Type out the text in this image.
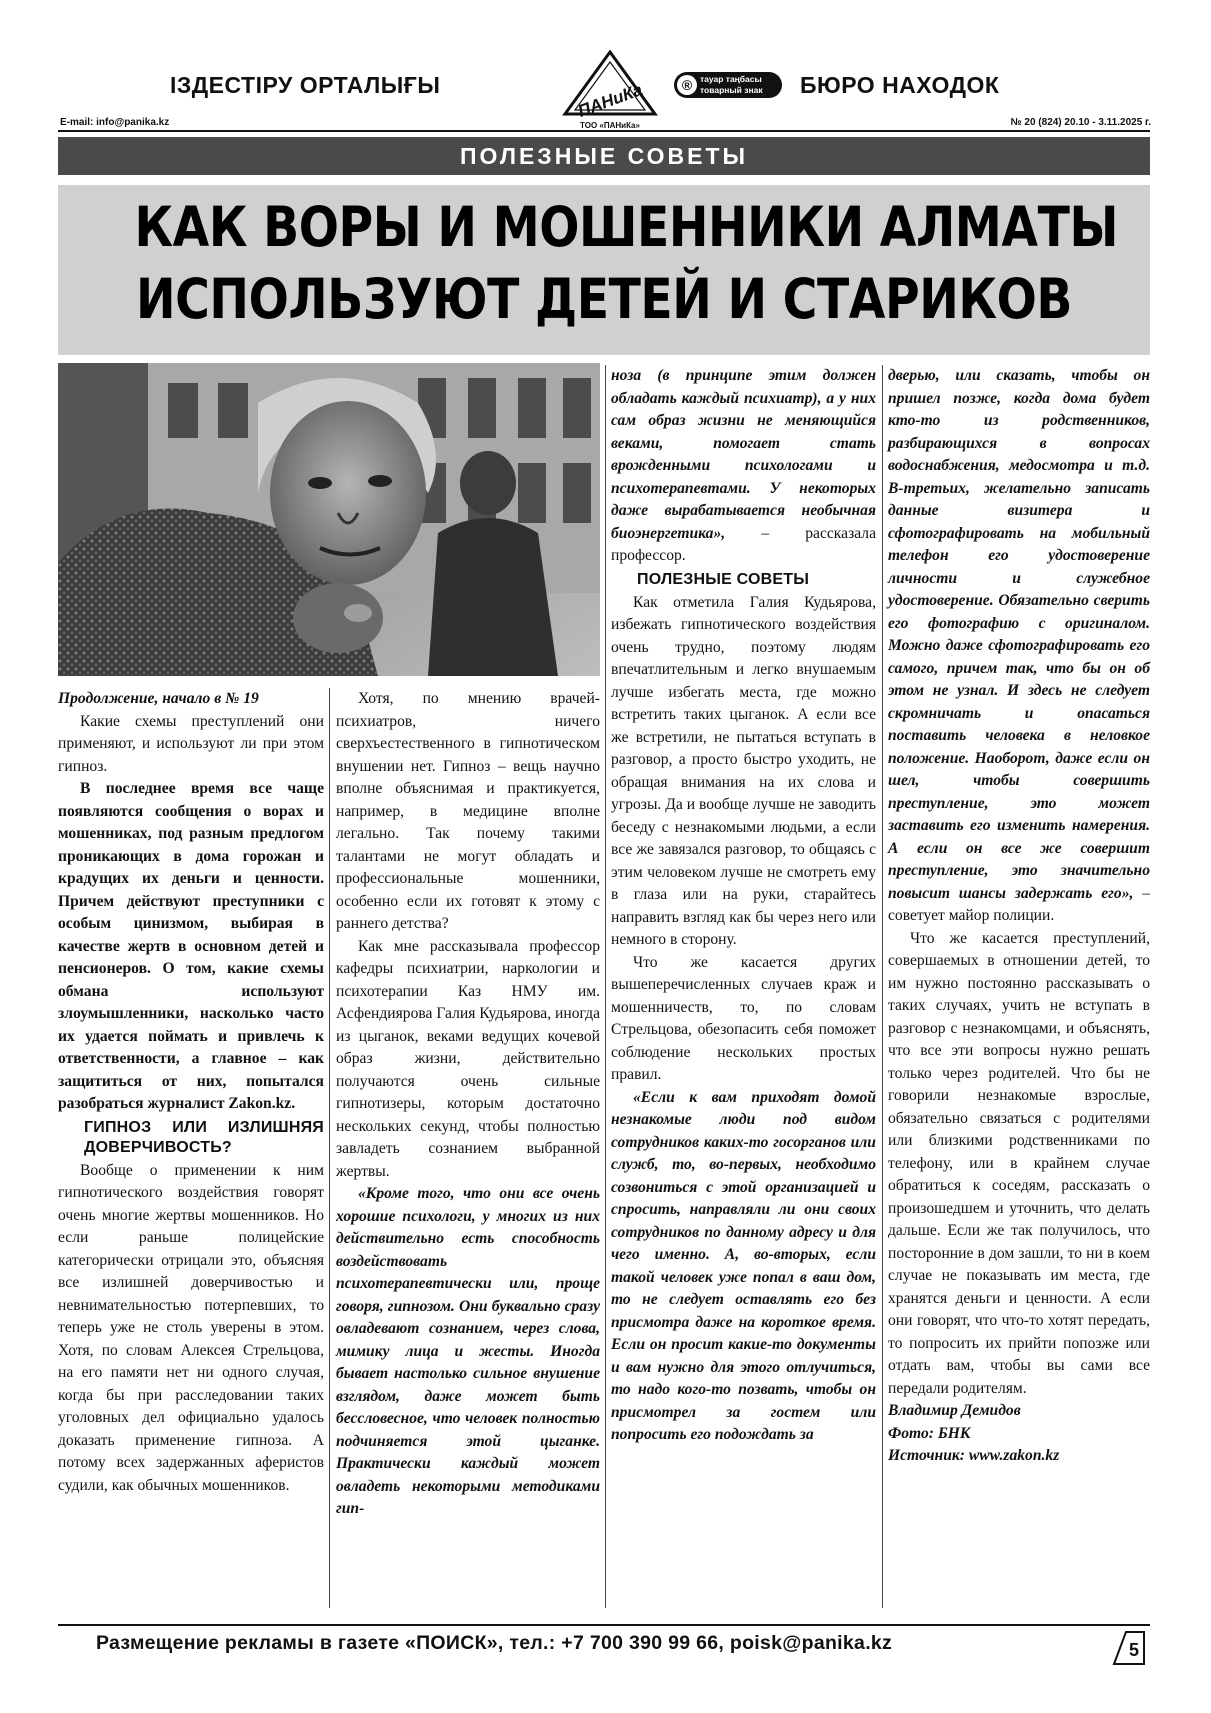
ІЗДЕСТІРУ ОРТАЛЫҒЫ	ПАНиКа
ТОО «ПАНиКа»
® тауар таңбасы
товарный знак БЮРО НАХОДОК
E-mail: info@panika.kz	№ 20 (824) 20.10 - 3.11.2025 г.
ПОЛЕЗНЫЕ СОВЕТЫ
КАК ВОРЫ И МОШЕННИКИ АЛМАТЫ
ИСПОЛЬЗУЮТ ДЕТЕЙ И СТАРИКОВ

Продолжение, начало в № 19

Какие схемы преступлений они применяют, и используют ли при этом гипноз.

В последнее время все чаще появляются сообщения о ворах и мошенниках, под разным предлогом проникающих в дома горожан и крадущих их деньги и ценности. Причем действуют преступники с особым цинизмом, выбирая в качестве жертв в основном детей и пенсионеров. О том, какие схемы обмана используют злоумышленники, насколько часто их удается поймать и привлечь к ответственности, а главное – как защититься от них, попытался разобраться журналист Zakon.kz.

ГИПНОЗ ИЛИ ИЗЛИШНЯЯ ДОВЕРЧИВОСТЬ?

Вообще о применении к ним гипнотического воздействия говорят очень многие жертвы мошенников. Но если раньше полицейские категорически отрицали это, объясняя все излишней доверчивостью и невнимательностью потерпевших, то теперь уже не столь уверены в этом. Хотя, по словам Алексея Стрельцова, на его памяти нет ни одного случая, когда бы при расследовании таких уголовных дел официально удалось доказать применение гипноза. А потому всех задержанных аферистов судили, как обычных мошенников.

Хотя, по мнению врачей-психиатров, ничего сверхъестественного в гипнотическом внушении нет. Гипноз – вещь научно вполне объяснимая и практикуется, например, в медицине вполне легально. Так почему такими талантами не могут обладать и профессиональные мошенники, особенно если их готовят к этому с раннего детства?

Как мне рассказывала профессор кафедры психиатрии, наркологии и психотерапии Каз НМУ им. Асфендиярова Галия Кудьярова, иногда из цыганок, веками ведущих кочевой образ жизни, действительно получаются очень сильные гипнотизеры, которым достаточно нескольких секунд, чтобы полностью завладеть сознанием выбранной жертвы.

«Кроме того, что они все очень хорошие психологи, у многих из них действительно есть способность воздействовать психотерапевтически или, проще говоря, гипнозом. Они буквально сразу овладевают сознанием, через слова, мимику лица и жесты. Иногда бывает настолько сильное внушение взглядом, даже может быть бессловесное, что человек полностью подчиняется этой цыганке. Практически каждый может овладеть некоторыми методиками гип-

ноза (в принципе этим должен обладать каждый психиатр), а у них сам образ жизни не меняющийся веками, помогает стать врожденными психологами и психотерапевтами. У некоторых даже вырабатывается необычная биоэнергетика», – рассказала профессор.

ПОЛЕЗНЫЕ СОВЕТЫ

Как отметила Галия Кудьярова, избежать гипнотического воздействия очень трудно, поэтому людям впечатлительным и легко внушаемым лучше избегать места, где можно встретить таких цыганок. А если все же встретили, не пытаться вступать в разговор, а просто быстро уходить, не обращая внимания на их слова и угрозы. Да и вообще лучше не заводить беседу с незнакомыми людьми, а если все же завязался разговор, то общаясь с этим человеком лучше не смотреть ему в глаза или на руки, старайтесь направить взгляд как бы через него или немного в сторону.

Что же касается других вышеперечисленных случаев краж и мошенничеств, то, по словам Стрельцова, обезопасить себя поможет соблюдение нескольких простых правил.

«Если к вам приходят домой незнакомые люди под видом сотрудников каких-то госорганов или служб, то, во-первых, необходимо созвониться с этой организацией и спросить, направляли ли они своих сотрудников по данному адресу и для чего именно. А, во-вторых, если такой человек уже попал в ваш дом, то не следует оставлять его без присмотра даже на короткое время. Если он просит какие-то документы и вам нужно для этого отлучиться, то надо кого-то позвать, чтобы он присмотрел за гостем или попросить его подождать за

дверью, или сказать, чтобы он пришел позже, когда дома будет кто-то из родственников, разбирающихся в вопросах водоснабжения, медосмотра и т.д. В-третьих, желательно записать данные визитера и сфотографировать на мобильный телефон его удостоверение личности и служебное удостоверение. Обязательно сверить его фотографию с оригиналом. Можно даже сфотографировать его самого, причем так, что бы он об этом не узнал. И здесь не следует скромничать и опасаться поставить человека в неловкое положение. Наоборот, даже если он шел, чтобы совершить преступление, это может заставить его изменить намерения. А если он все же совершит преступление, это значительно повысит шансы задержать его», – советует майор полиции.

Что же касается преступлений, совершаемых в отношении детей, то им нужно постоянно рассказывать о таких случаях, учить не вступать в разговор с незнакомцами, и объяснять, что все эти вопросы нужно решать только через родителей. Что бы не говорили незнакомые взрослые, обязательно связаться с родителями или близкими родственниками по телефону, или в крайнем случае обратиться к соседям, рассказать о произошедшем и уточнить, что делать дальше. Если же так получилось, что посторонние в дом зашли, то ни в коем случае не показывать им места, где хранятся деньги и ценности. А если они говорят, что что-то хотят передать, то попросить их прийти попозже или отдать вам, чтобы вы сами все передали родителям.

Владимир Демидов

Фото: БНК

Источник: www.zakon.kz

Размещение рекламы в газете «ПОИСК», тел.: +7 700 390 99 66, poisk@panika.kz	5
